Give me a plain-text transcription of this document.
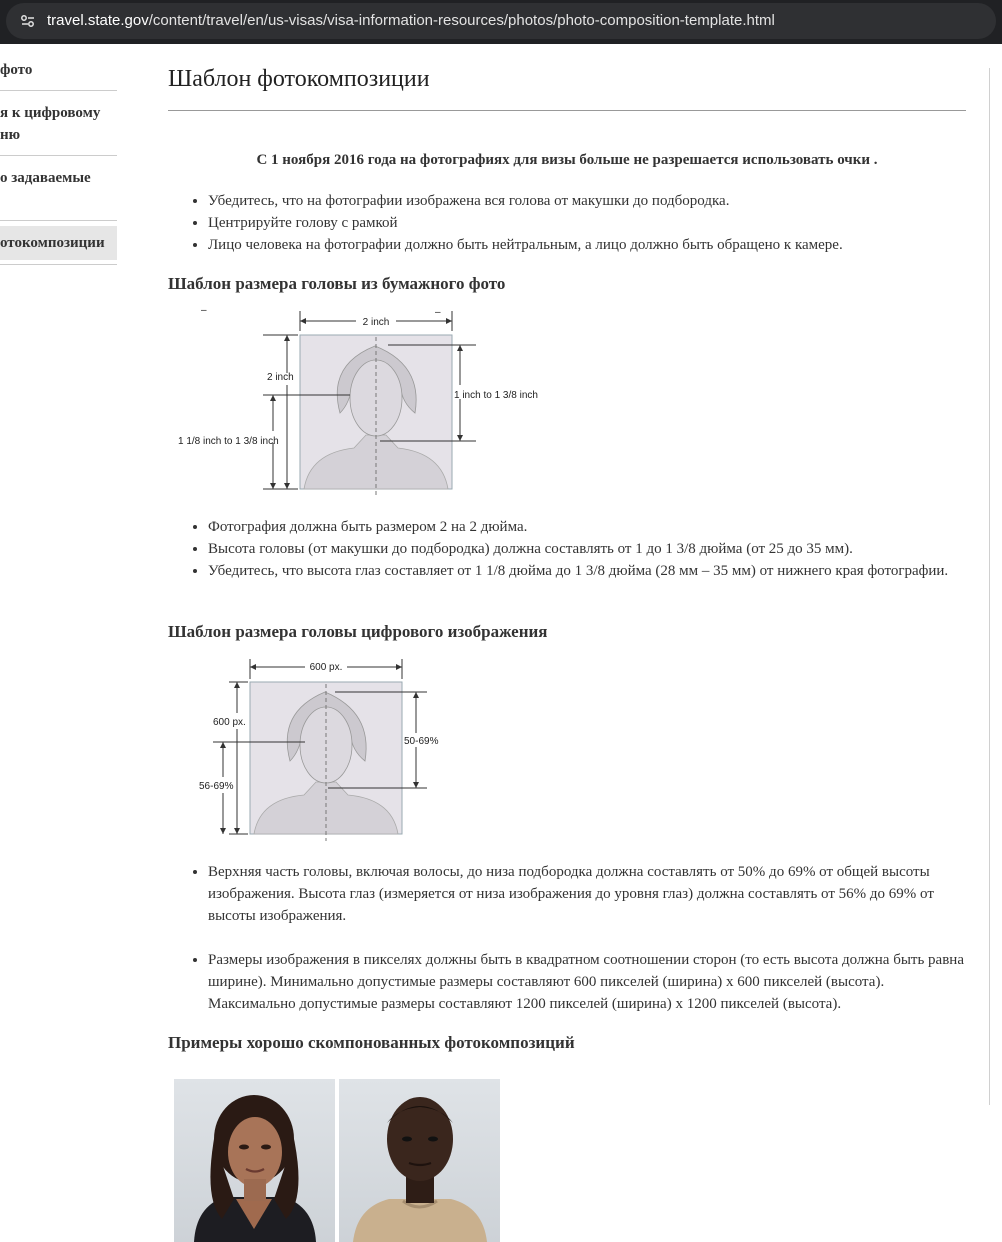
travel.state.gov/content/travel/en/us-visas/visa-information-resources/photos/photo-composition-template.html
фото
я к цифровому
ню
о задаваемые
отокомпозиции
Шаблон фотокомпозиции
С 1 ноября 2016 года на фотографиях для визы больше не разрешается использовать очки .
• Убедитесь, что на фотографии изображена вся голова от макушки до подбородка.
• Центрируйте голову с рамкой
• Лицо человека на фотографии должно быть нейтральным, а лицо должно быть обращено к камере.
Шаблон размера головы из бумажного фото
–	–
2 inch
2 inch
1 inch to 1 3/8 inch
1 1/8 inch to 1 3/8 inch
• Фотография должна быть размером 2 на 2 дюйма.
• Высота головы (от макушки до подбородка) должна составлять от 1 до 1 3/8 дюйма (от 25 до 35 мм).
• Убедитесь, что высота глаз составляет от 1 1/8 дюйма до 1 3/8 дюйма (28 мм – 35 мм) от нижнего края фотографии.
Шаблон размера головы цифрового изображения
600 px.
600 px.
50-69%
56-69%
• Верхняя часть головы, включая волосы, до низа подбородка должна составлять от 50% до 69% от общей высоты изображения. Высота глаз (измеряется от низа изображения до уровня глаз) должна составлять от 56% до 69% от высоты изображения.
• Размеры изображения в пикселях должны быть в квадратном соотношении сторон (то есть высота должна быть равна ширине). Минимально допустимые размеры составляют 600 пикселей (ширина) x 600 пикселей (высота). Максимально допустимые размеры составляют 1200 пикселей (ширина) x 1200 пикселей (высота).
Примеры хорошо скомпонованных фотокомпозиций
